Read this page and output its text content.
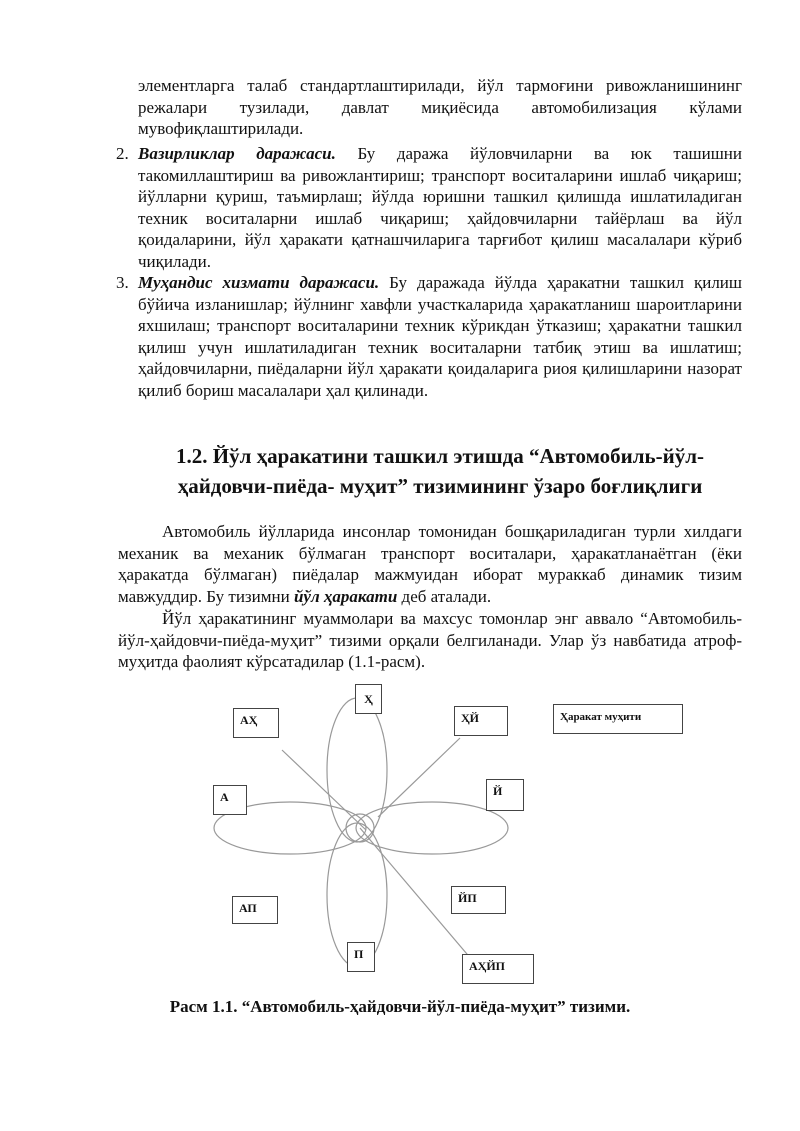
элементларга талаб стандартлаштирилади, йўл тармоғини ривожланишининг режалари тузилади, давлат миқиёсида автомобилизация кўлами мувофиқлаштирилади.
2. Вазирликлар даражаси. Бу даража йўловчиларни ва юк ташишни такомиллаштириш ва ривожлантириш; транспорт воситаларини ишлаб чиқариш; йўлларни қуриш, таъмирлаш; йўлда юришни ташкил қилишда ишлатиладиган техник воситаларни ишлаб чиқариш; ҳайдовчиларни тайёрлаш ва йўл қоидаларини, йўл ҳаракати қатнашчиларига тарғибот қилиш масалалари кўриб чиқилади.
3. Муҳандис хизмати даражаси. Бу даражада йўлда ҳаракатни ташкил қилиш бўйича изланишлар; йўлнинг хавфли участкаларида ҳаракатланиш шароитларини яхшилаш; транспорт воситаларини техник кўрикдан ўтказиш; ҳаракатни ташкил қилиш учун ишлатиладиган техник воситаларни татбиқ этиш ва ишлатиш; ҳайдовчиларни, пиёдаларни йўл ҳаракати қоидаларига риоя қилишларини назорат қилиб бориш масалалари ҳал қилинади.
1.2. Йўл ҳаракатини ташкил этишда “Автомобиль-йўл-
ҳайдовчи-пиёда- муҳит” тизимининг ўзаро боғлиқлиги
Автомобиль йўлларида инсонлар томонидан бошқариладиган турли хилдаги механик ва механик бўлмаган транспорт воситалари, ҳаракатланаётган (ёки ҳаракатда бўлмаган) пиёдалар мажмуидан иборат мураккаб динамик тизим мавжуддир. Бу тизимни йўл ҳаракати деб аталади.
Йўл ҳаракатининг муаммолари ва махсус томонлар энг аввало “Автомобиль-йўл-ҳайдовчи-пиёда-муҳит” тизими орқали белгиланади. Улар ўз навбатида атроф-муҳитда фаолият кўрсатадилар (1.1-расм).
Ҳ
АҲ	ҲЙ	Ҳаракат муҳити
А	Й
ЙП
АП
П
АҲЙП
Расм 1.1. “Автомобиль-ҳайдовчи-йўл-пиёда-муҳит” тизими.
